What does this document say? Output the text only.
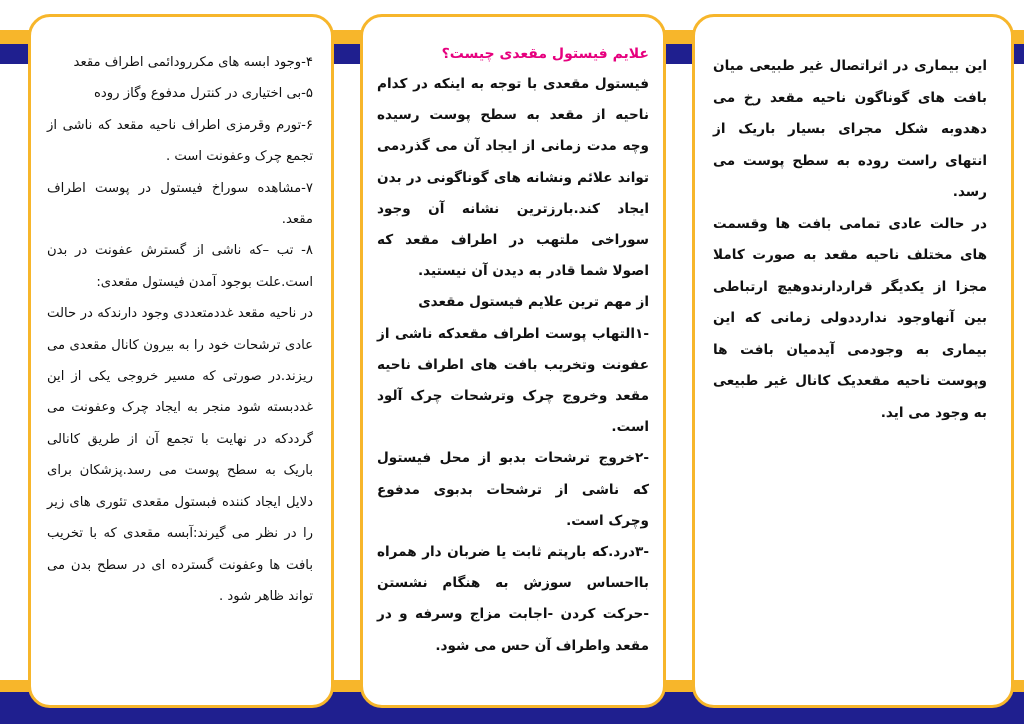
این بیماری در اثراتصال غیر طبیعی میان بافت های گوناگون ناحیه مقعد رخ می دهدوبه شکل مجرای بسیار باریک از انتهای راست روده به سطح پوست می رسد.

در حالت عادی تمامی بافت ها وقسمت های مختلف ناحیه مقعد به صورت کاملا مجزا از یکدیگر قراردارندوهیچ ارتباطی بین آنهاوجود ندارددولی زمانی که این بیماری به وجودمی آیدمیان بافت ها وپوست ناحیه مقعدیک کانال غیر طبیعی به وجود می اید.

علایم فیستول مقعدی چیست؟

فیستول مقعدی با توجه به اینکه در کدام ناحیه از مقعد به سطح پوست رسیده وچه مدت زمانی از ایجاد آن می گذردمی تواند علائم ونشانه های گوناگونی در بدن ایجاد کند.بارزترین نشانه آن وجود سوراخی ملتهب در اطراف مقعد که اصولا شما قادر به دیدن آن نیستید.

از مهم ترین علایم فیستول مقعدی

-۱التهاب پوست اطراف مقعدکه ناشی از عفونت وتخریب بافت های اطراف ناحیه مقعد وخروج چرک وترشحات چرک آلود است.

-۲خروج ترشحات بدبو از محل فیستول که ناشی از ترشحات بدبوی مدفوع وچرک است.

-۳درد.که بارپتم ثابت یا ضربان دار همراه بااحساس سوزش به هنگام نشستن -حرکت کردن -اجابت مزاج وسرفه و در مقعد واطراف آن حس می شود.

۴-وجود ابسه های مکررودائمی اطراف مقعد

۵-بی اختیاری در کنترل مدفوع وگاز روده

۶-تورم وقرمزی اطراف ناحیه مقعد که ناشی از تجمع چرک وعفونت است .

۷-مشاهده سوراخ فیستول در پوست اطراف مقعد.

۸- تب –که ناشی از گسترش عفونت در بدن است.علت بوجود آمدن فیستول مقعدی:

در ناحیه مقعد غددمتعددی وجود دارندکه در حالت عادی ترشحات خود را به بیرون کانال مقعدی می ریزند.در صورتی که مسیر خروجی یکی از این غددبسته شود منجر به ایجاد چرک وعفونت می گرددکه در نهایت با تجمع آن از طریق کانالی باریک به سطح پوست می رسد.پزشکان برای دلایل ایجاد کننده فبستول مقعدی تئوری های زیر را در نظر می گیرند:آبسه مقعدی که با تخریب بافت ها وعفونت گسترده ای در سطح بدن می تواند ظاهر شود .
